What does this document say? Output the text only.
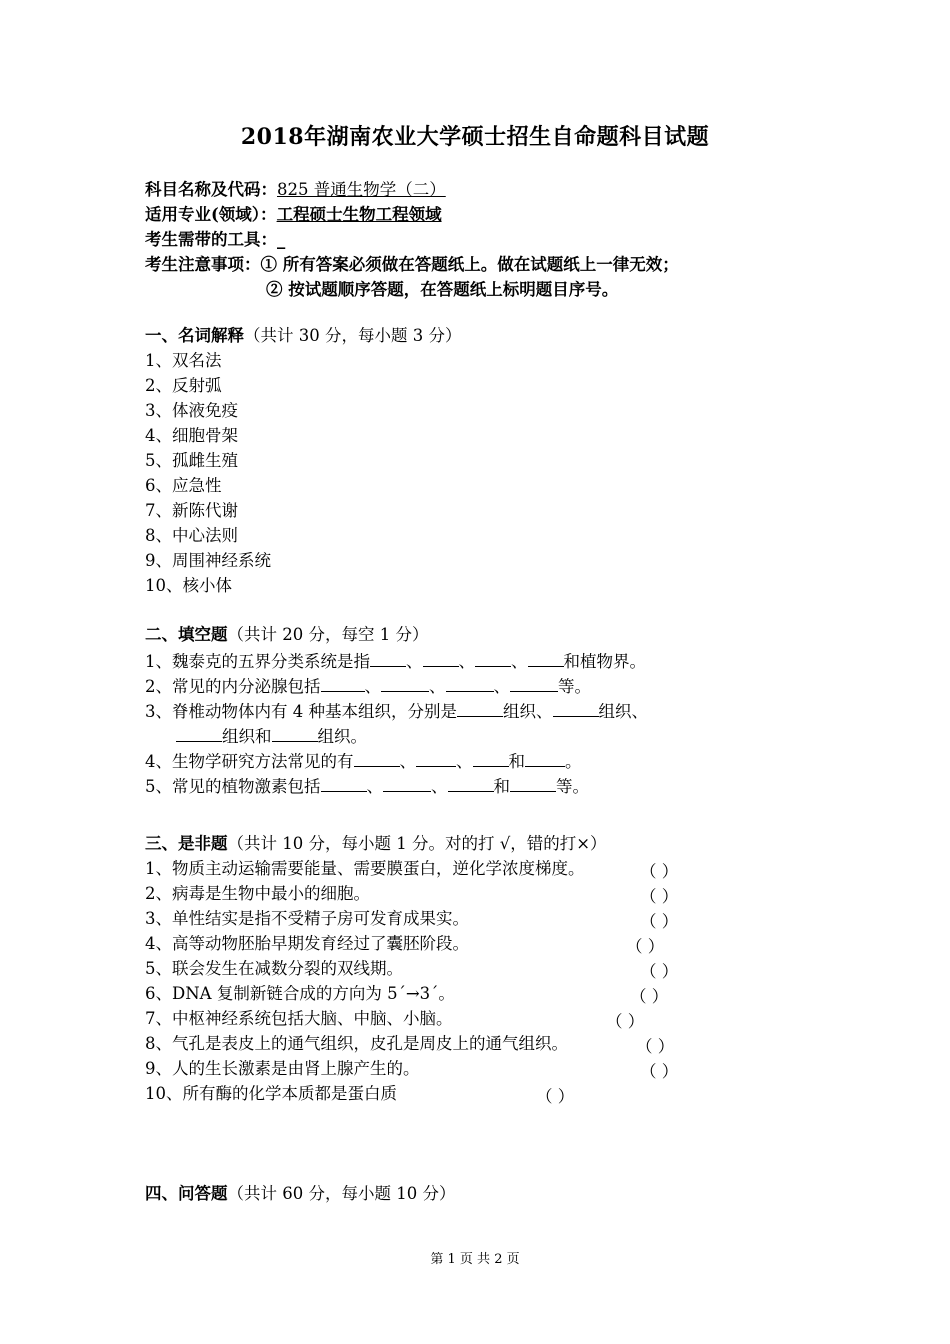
2018年湖南农业大学硕士招生自命题科目试题
科目名称及代码：825 普通生物学（二）
适用专业(领域）：工程硕士生物工程领域
考生需带的工具：_
考生注意事项：① 所有答案必须做在答题纸上。做在试题纸上一律无效；
② 按试题顺序答题，在答题纸上标明题目序号。
一、名词解释（共计 30 分，每小题 3 分）
1、双名法
2、反射弧
3、体液免疫
4、细胞骨架
5、孤雌生殖
6、应急性
7、新陈代谢
8、中心法则
9、周围神经系统
10、核小体
二、填空题（共计 20 分，每空 1 分）
1、魏泰克的五界分类系统是指 、 、 、 和植物界。
2、常见的内分泌腺包括	、	、	、	等。
3、脊椎动物体内有 4 种基本组织，分别是	组织、	组织、
组织和	组织。
4、生物学研究方法常见的有	、 、 和 。
5、常见的植物激素包括	、	、	和	等。
三、是非题（共计 10 分，每小题 1 分。对的打 √，错的打×）
1、物质主动运输需要能量、需要膜蛋白，逆化学浓度梯度。	（ ）
2、病毒是生物中最小的细胞。	（ ）
3、单性结实是指不受精子房可发育成果实。	（ ）
4、高等动物胚胎早期发育经过了囊胚阶段。	（ ）
5、联会发生在减数分裂的双线期。	（ ）
6、DNA 复制新链合成的方向为 5´→3´。	（ ）
7、中枢神经系统包括大脑、中脑、小脑。	（ ）
8、气孔是表皮上的通气组织，皮孔是周皮上的通气组织。	（ ）
9、人的生长激素是由肾上腺产生的。	（ ）
10、所有酶的化学本质都是蛋白质	（ ）
四、问答题（共计 60 分，每小题 10 分）
第 1 页 共 2 页
